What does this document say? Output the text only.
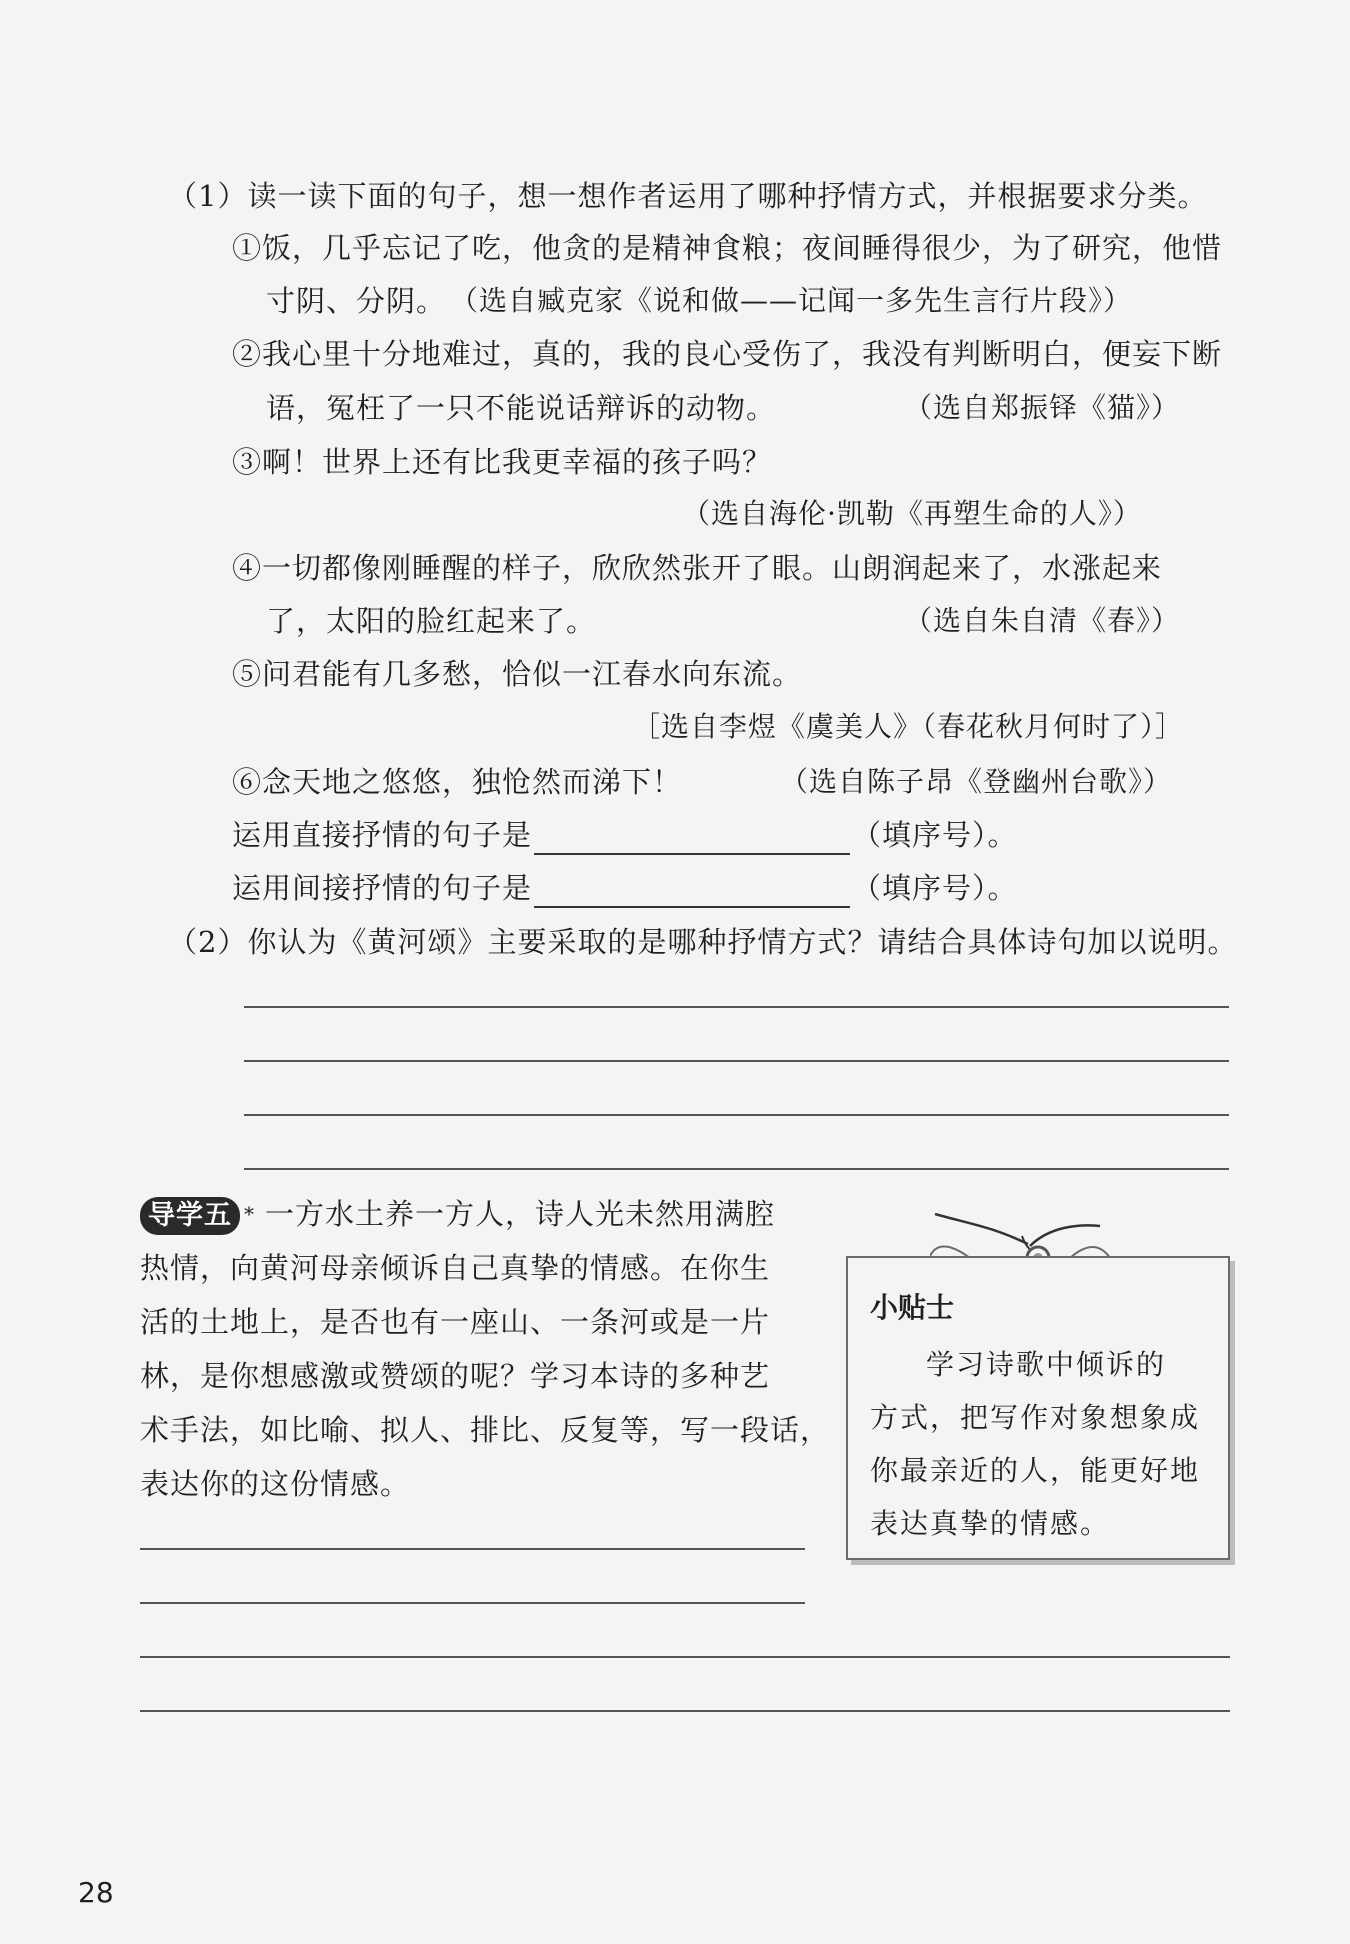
（1）读一读下面的句子，想一想作者运用了哪种抒情方式，并根据要求分类。
①饭，几乎忘记了吃，他贪的是精神食粮；夜间睡得很少，为了研究，他惜
寸阴、分阴。 （选自臧克家《说和做——记闻一多先生言行片段》）
②我心里十分地难过，真的，我的良心受伤了，我没有判断明白，便妄下断
语，冤枉了一只不能说话辩诉的动物。	（选自郑振铎《猫》）
③啊！世界上还有比我更幸福的孩子吗？
（选自海伦·凯勒《再塑生命的人》）
④一切都像刚睡醒的样子，欣欣然张开了眼。山朗润起来了，水涨起来
了，太阳的脸红起来了。	（选自朱自清《春》）
⑤问君能有几多愁，恰似一江春水向东流。
［选自李煜《虞美人》（春花秋月何时了）］
⑥念天地之悠悠，独怆然而涕下！	（选自陈子昂《登幽州台歌》）
运用直接抒情的句子是	（填序号）。
运用间接抒情的句子是	（填序号）。
（2）你认为《黄河颂》主要采取的是哪种抒情方式？请结合具体诗句加以说明。
导学五 * 一方水土养一方人，诗人光未然用满腔
热情，向黄河母亲倾诉自己真挚的情感。在你生
活的土地上，是否也有一座山、一条河或是一片
林，是你想感激或赞颂的呢？学习本诗的多种艺
术手法，如比喻、拟人、排比、反复等，写一段话，
表达你的这份情感。
小贴士

学习诗歌中倾诉的

方式，把写作对象想象成

你最亲近的人，能更好地

表达真挚的情感。

28
